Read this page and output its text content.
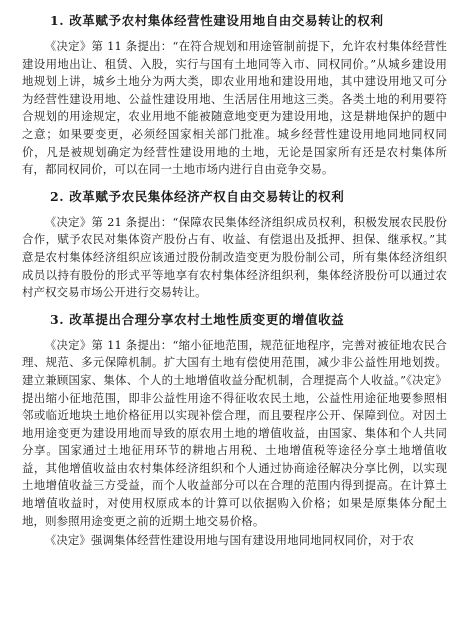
1. 改革赋予农村集体经营性建设用地自由交易转让的权利

《决定》第 11 条提出：“在符合规划和用途管制前提下，允许农村集体经营性建设用地出让、租赁、入股，实行与国有土地同等入市、同权同价。”从城乡建设用地规划上讲，城乡土地分为两大类，即农业用地和建设用地，其中建设用地又可分为经营性建设用地、公益性建设用地、生活居住用地这三类。各类土地的利用要符合规划的用途规定，农业用地不能被随意地变更为建设用地，这是耕地保护的题中之意；如果要变更，必须经国家相关部门批准。城乡经营性建设用地同地同权同价，凡是被规划确定为经营性建设用地的土地，无论是国家所有还是农村集体所有，都同权同价，可以在同一土地市场内进行自由竞争交易。

2. 改革赋予农民集体经济产权自由交易转让的权利

《决定》第 21 条提出：“保障农民集体经济组织成员权利，积极发展农民股份合作，赋予农民对集体资产股份占有、收益、有偿退出及抵押、担保、继承权。”其意是农村集体经济组织应该通过股份制改造变更为股份制公司，所有集体经济组织成员以持有股份的形式平等地享有农村集体经济组织利，集体经济股份可以通过农村产权交易市场公开进行交易转让。

3. 改革提出合理分享农村土地性质变更的增值收益

《决定》第 11 条提出：“缩小征地范围，规范征地程序，完善对被征地农民合理、规范、多元保障机制。扩大国有土地有偿使用范围，减少非公益性用地划拨。建立兼顾国家、集体、个人的土地增值收益分配机制，合理提高个人收益。”《决定》提出缩小征地范围，即非公益性用途不得征收农民土地，公益性用途征地要参照相邻或临近地块土地价格征用以实现补偿合理，而且要程序公开、保障到位。对因土地用途变更为建设用地而导致的原农用土地的增值收益，由国家、集体和个人共同分享。国家通过土地征用环节的耕地占用税、土地增值税等途径分享土地增值收益，其他增值收益由农村集体经济组织和个人通过协商途径解决分享比例，以实现土地增值收益三方受益，而个人收益部分可以在合理的范围内得到提高。在计算土地增值收益时，对使用权原成本的计算可以依据购入价格；如果是原集体分配土地，则参照用途变更之前的近期土地交易价格。

《决定》强调集体经营性建设用地与国有建设用地同地同权同价，对于农
